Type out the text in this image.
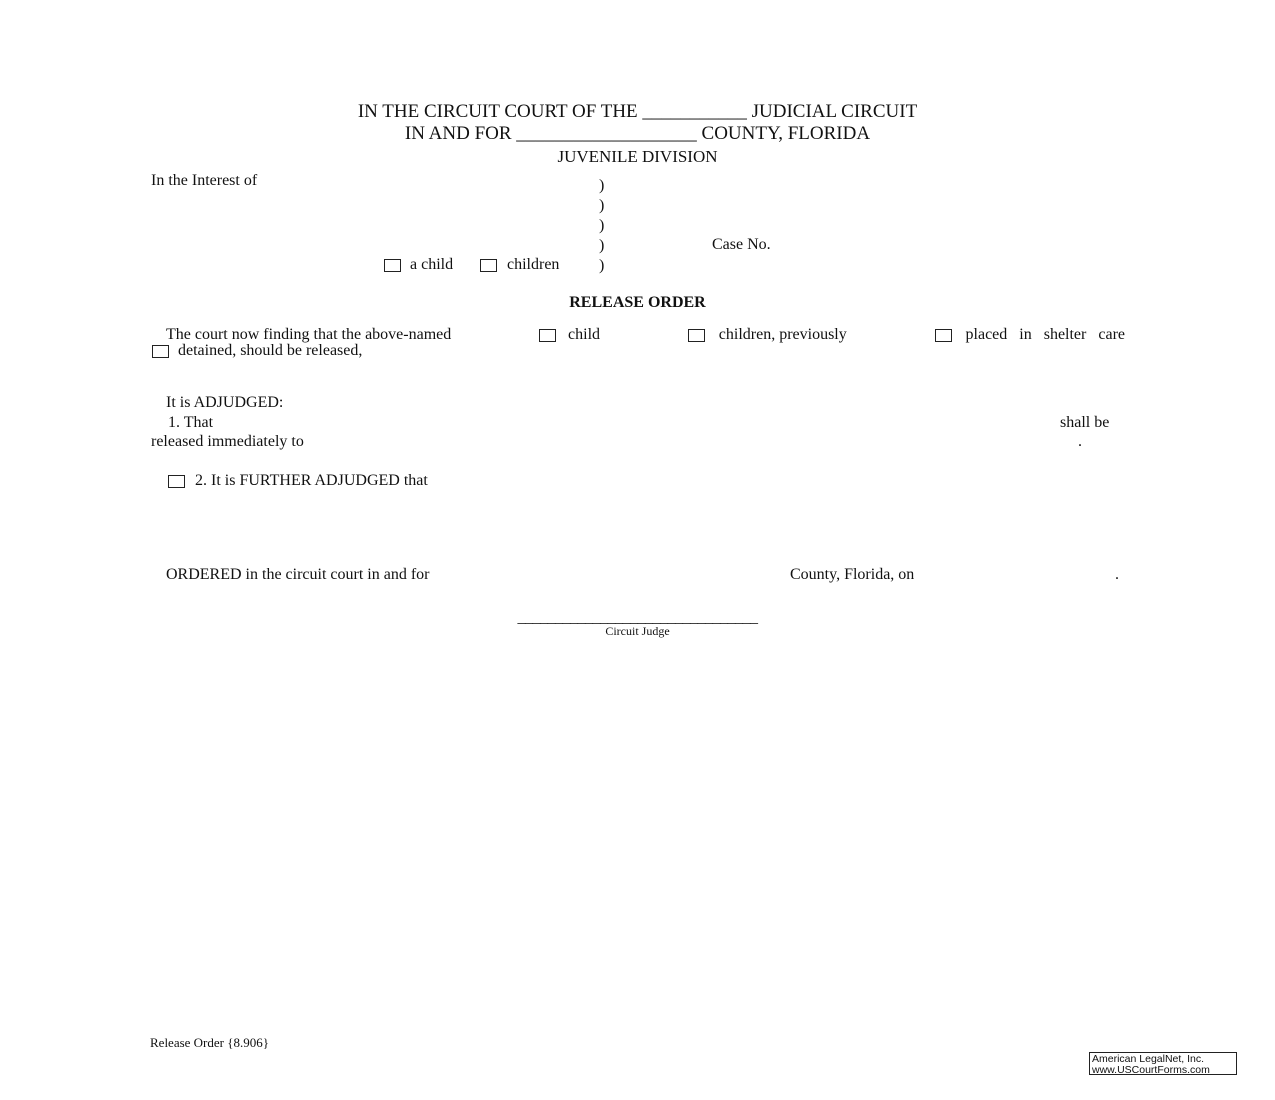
IN THE CIRCUIT COURT OF THE ___________ JUDICIAL CIRCUIT
IN AND FOR ___________________ COUNTY, FLORIDA
JUVENILE DIVISION
In the Interest of	)
)
)
)
)
Case No.
a child	children
RELEASE ORDER
The court now finding that the above-named	child	children, previously	placed in shelter care
detained, should be released,
It is ADJUDGED:
1. That	shall be
released immediately to	.
2. It is FURTHER ADJUDGED that
ORDERED in the circuit court in and for	County, Florida, on	.
________________________________
Circuit Judge
Release Order {8.906}
American LegalNet, Inc.
www.USCourtForms.com
